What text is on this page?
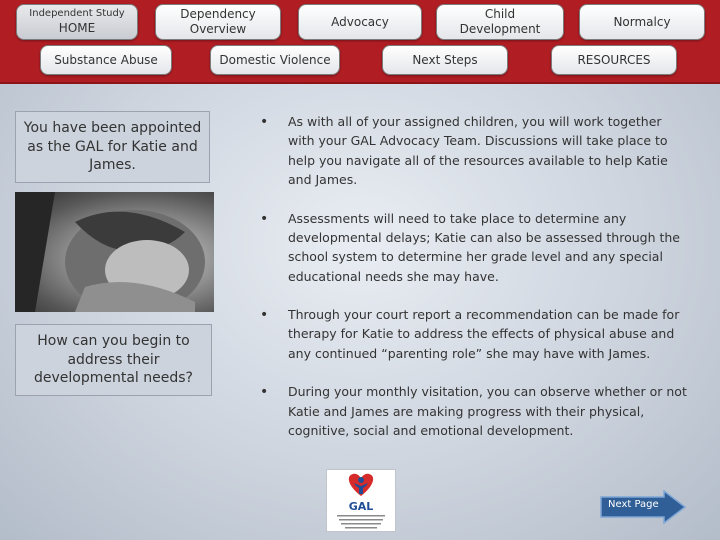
Independent Study
HOME
Dependency
Overview
Advocacy
Child
Development
Normalcy
Substance Abuse	Domestic Violence	Next Steps	RESOURCES
You have been appointed as the GAL for Katie and James.
How can you begin to address their developmental needs?
• As with all of your assigned children, you will work together with your GAL Advocacy Team. Discussions will take place to help you navigate all of the resources available to help Katie and James.
• Assessments will need to take place to determine any developmental delays; Katie can also be assessed through the school system to determine her grade level and any special educational needs she may have.
• Through your court report a recommendation can be made for therapy for Katie to address the effects of physical abuse and any continued “parenting role” she may have with James.
• During your monthly visitation, you can observe whether or not Katie and James are making progress with their physical, cognitive, social and emotional development.
GAL	Next Page
